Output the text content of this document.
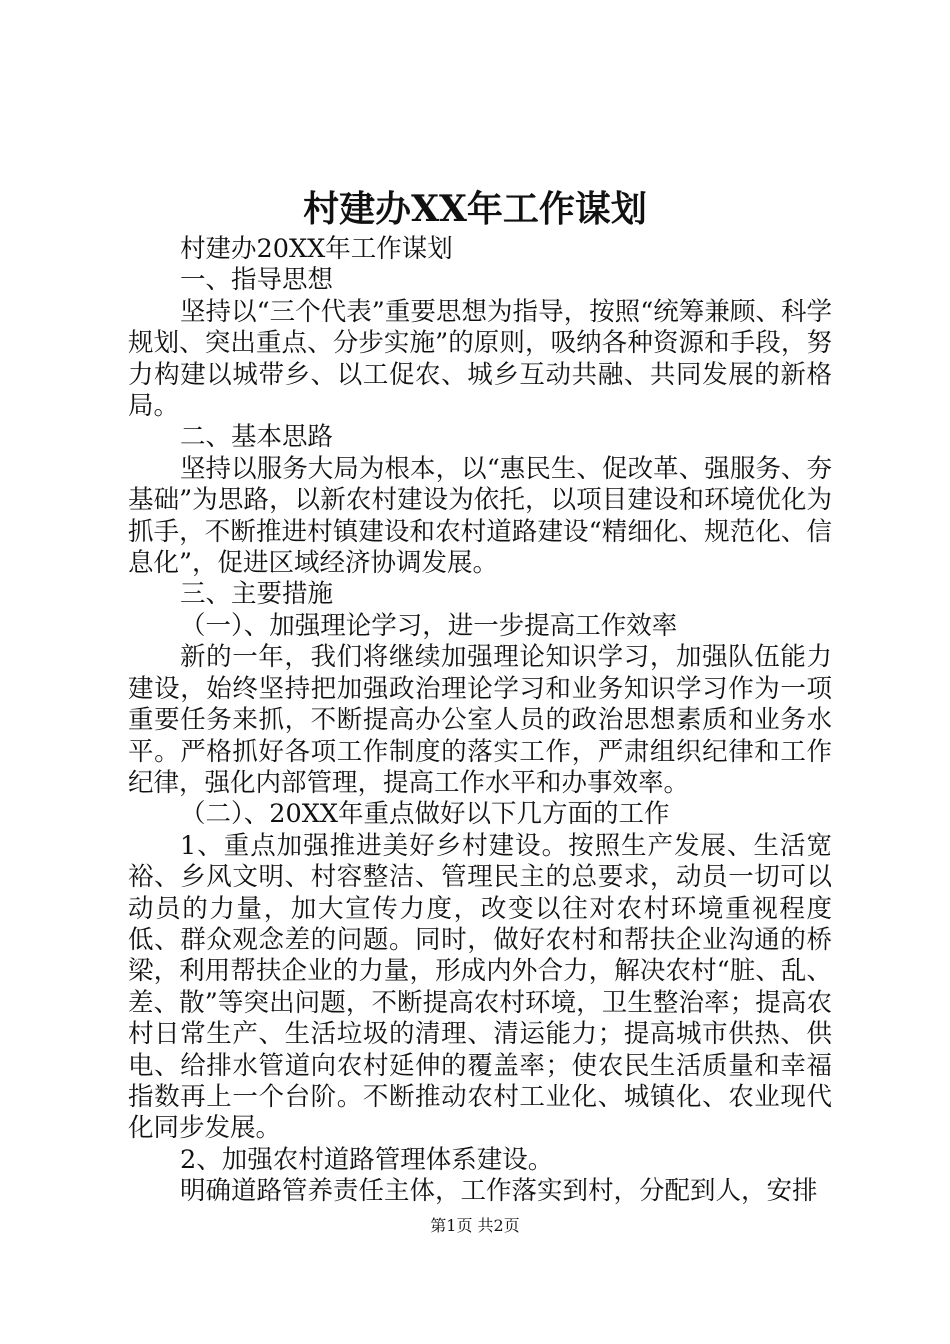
村建办XX年工作谋划

村建办20XX年工作谋划

一、指导思想

坚持以“三个代表”重要思想为指导，按照“统筹兼顾、科学规划、突出重点、分步实施”的原则，吸纳各种资源和手段，努力构建以城带乡、以工促农、城乡互动共融、共同发展的新格局。

二、基本思路

坚持以服务大局为根本，以“惠民生、促改革、强服务、夯基础”为思路，以新农村建设为依托，以项目建设和环境优化为抓手，不断推进村镇建设和农村道路建设“精细化、规范化、信息化”，促进区域经济协调发展。

三、主要措施

（一）、加强理论学习，进一步提高工作效率

新的一年，我们将继续加强理论知识学习，加强队伍能力建设，始终坚持把加强政治理论学习和业务知识学习作为一项重要任务来抓，不断提高办公室人员的政治思想素质和业务水平。严格抓好各项工作制度的落实工作，严肃组织纪律和工作纪律，强化内部管理，提高工作水平和办事效率。

（二）、20XX年重点做好以下几方面的工作

1、重点加强推进美好乡村建设。按照生产发展、生活宽裕、乡风文明、村容整洁、管理民主的总要求，动员一切可以动员的力量，加大宣传力度，改变以往对农村环境重视程度低、群众观念差的问题。同时，做好农村和帮扶企业沟通的桥梁，利用帮扶企业的力量，形成内外合力，解决农村“脏、乱、差、散”等突出问题，不断提高农村环境，卫生整治率；提高农村日常生产、生活垃圾的清理、清运能力；提高城市供热、供电、给排水管道向农村延伸的覆盖率；使农民生活质量和幸福指数再上一个台阶。不断推动农村工业化、城镇化、农业现代化同步发展。

2、加强农村道路管理体系建设。

明确道路管养责任主体，工作落实到村，分配到人，安排

第1页 共2页
